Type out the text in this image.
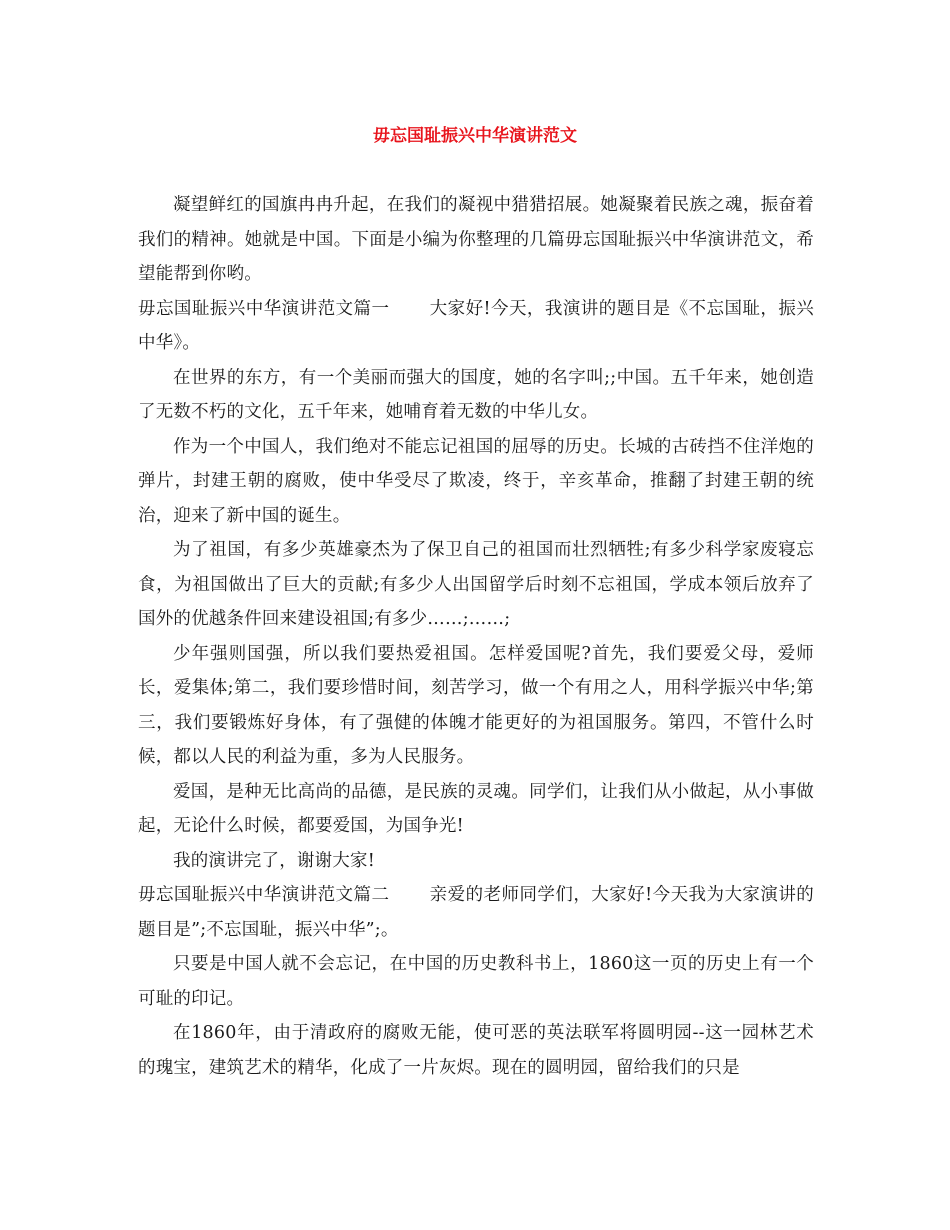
毋忘国耻振兴中华演讲范文

凝望鲜红的国旗冉冉升起，在我们的凝视中猎猎招展。她凝聚着民族之魂，振奋着我们的精神。她就是中国。下面是小编为你整理的几篇毋忘国耻振兴中华演讲范文，希望能帮到你哟。

毋忘国耻振兴中华演讲范文篇一 大家好!今天，我演讲的题目是《不忘国耻，振兴中华》。

在世界的东方，有一个美丽而强大的国度，她的名字叫;;中国。五千年来，她创造了无数不朽的文化，五千年来，她哺育着无数的中华儿女。

作为一个中国人，我们绝对不能忘记祖国的屈辱的历史。长城的古砖挡不住洋炮的弹片，封建王朝的腐败，使中华受尽了欺凌，终于，辛亥革命，推翻了封建王朝的统治，迎来了新中国的诞生。

为了祖国，有多少英雄豪杰为了保卫自己的祖国而壮烈牺牲;有多少科学家废寝忘食，为祖国做出了巨大的贡献;有多少人出国留学后时刻不忘祖国，学成本领后放弃了国外的优越条件回来建设祖国;有多少……;……;

少年强则国强，所以我们要热爱祖国。怎样爱国呢?首先，我们要爱父母，爱师长，爱集体;第二，我们要珍惜时间，刻苦学习，做一个有用之人，用科学振兴中华;第三，我们要锻炼好身体，有了强健的体魄才能更好的为祖国服务。第四，不管什么时候，都以人民的利益为重，多为人民服务。

爱国，是种无比高尚的品德，是民族的灵魂。同学们，让我们从小做起，从小事做起，无论什么时候，都要爱国，为国争光!

我的演讲完了，谢谢大家!

毋忘国耻振兴中华演讲范文篇二 亲爱的老师同学们，大家好!今天我为大家演讲的题目是”;不忘国耻，振兴中华”;。

只要是中国人就不会忘记，在中国的历史教科书上，1860这一页的历史上有一个可耻的印记。

在1860年，由于清政府的腐败无能，使可恶的英法联军将圆明园--这一园林艺术的瑰宝，建筑艺术的精华，化成了一片灰烬。现在的圆明园，留给我们的只是
